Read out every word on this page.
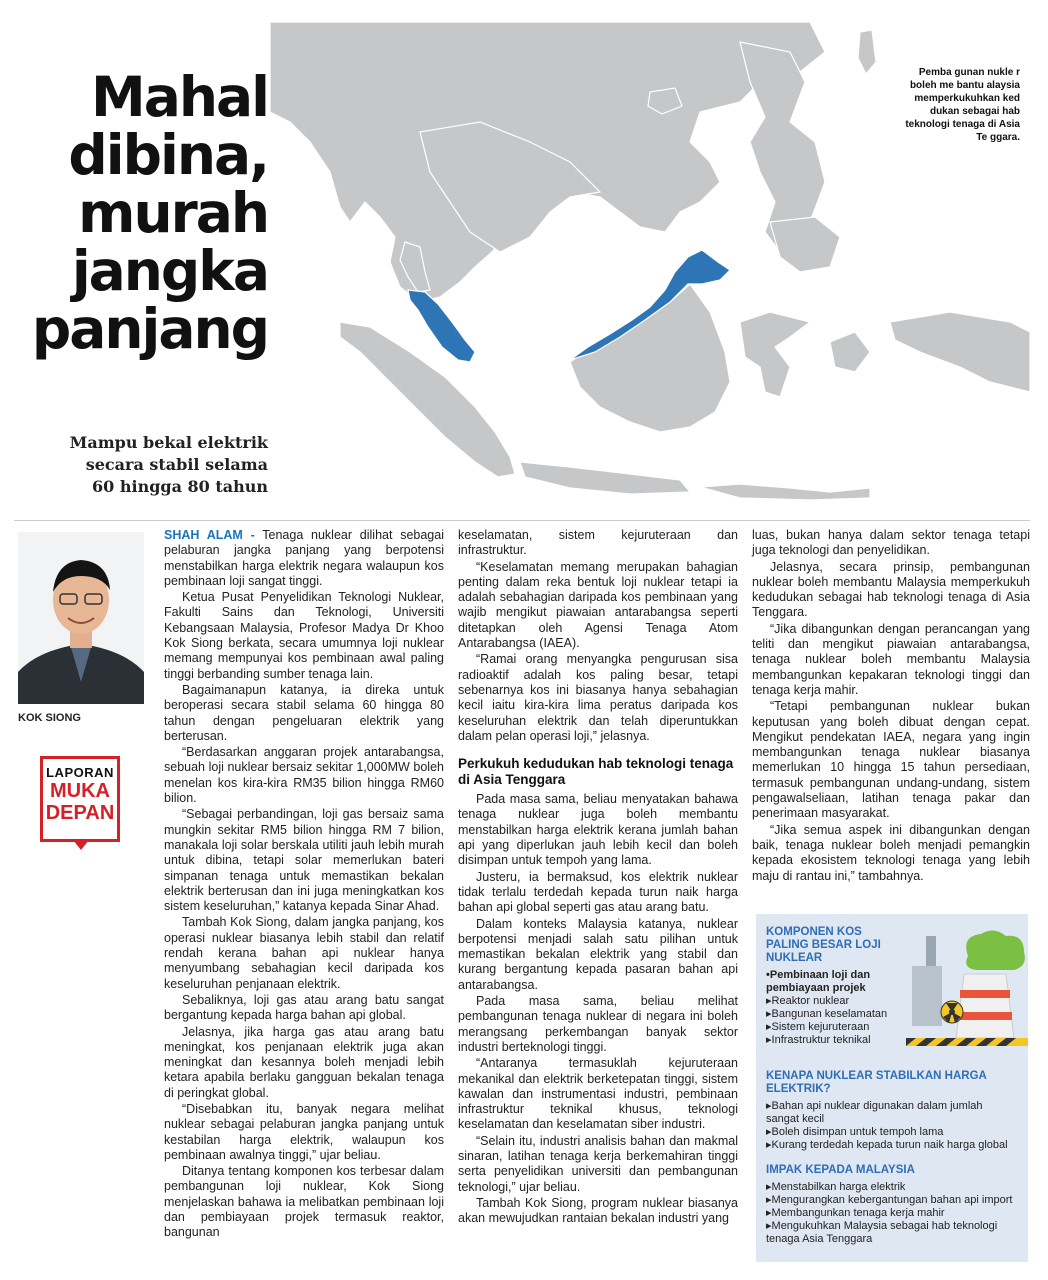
Mahal
dibina,
murah
jangka
panjang
Mampu bekal elektrik
secara stabil selama
60 hingga 80 tahun
Pemba gunan nukle r boleh me bantu alaysia memperkukuhkan ked dukan sebagai hab teknologi tenaga di Asia Te ggara.
KOK SIONG
LAPORAN
MUKA
DEPAN

SHAH ALAM - Tenaga nuklear dilihat sebagai pelaburan jangka panjang yang berpotensi menstabilkan harga elektrik negara walaupun kos pembinaan loji sangat tinggi.

Ketua Pusat Penyelidikan Teknologi Nuklear, Fakulti Sains dan Teknologi, Universiti Kebangsaan Malaysia, Profesor Madya Dr Khoo Kok Siong berkata, secara umumnya loji nuklear memang mempunyai kos pembinaan awal paling tinggi berbanding sumber tenaga lain.

Bagaimanapun katanya, ia direka untuk beroperasi secara stabil selama 60 hingga 80 tahun dengan pengeluaran elektrik yang berterusan.

“Berdasarkan anggaran projek antarabangsa, sebuah loji nuklear bersaiz sekitar 1,000MW boleh menelan kos kira-kira RM35 bilion hingga RM60 bilion.

“Sebagai perbandingan, loji gas bersaiz sama mungkin sekitar RM5 bilion hingga RM 7 bilion, manakala loji solar berskala utiliti jauh lebih murah untuk dibina, tetapi solar memerlukan bateri simpanan tenaga untuk memastikan bekalan elektrik berterusan dan ini juga meningkatkan kos sistem keseluruhan,” katanya kepada Sinar Ahad.

Tambah Kok Siong, dalam jangka panjang, kos operasi nuklear biasanya lebih stabil dan relatif rendah kerana bahan api nuklear hanya menyumbang sebahagian kecil daripada kos keseluruhan penjanaan elektrik.

Sebaliknya, loji gas atau arang batu sangat bergantung kepada harga bahan api global.

Jelasnya, jika harga gas atau arang batu meningkat, kos penjanaan elektrik juga akan meningkat dan kesannya boleh menjadi lebih ketara apabila berlaku gangguan bekalan tenaga di peringkat global.

“Disebabkan itu, banyak negara melihat nuklear sebagai pelaburan jangka panjang untuk kestabilan harga elektrik, walaupun kos pembinaan awalnya tinggi,” ujar beliau.

Ditanya tentang komponen kos terbesar dalam pembangunan loji nuklear, Kok Siong menjelaskan bahawa ia melibatkan pembinaan loji dan pembiayaan projek termasuk reaktor, bangunan

keselamatan, sistem kejuruteraan dan infrastruktur.

“Keselamatan memang merupakan bahagian penting dalam reka bentuk loji nuklear tetapi ia adalah sebahagian daripada kos pembinaan yang wajib mengikut piawaian antarabangsa seperti ditetapkan oleh Agensi Tenaga Atom Antarabangsa (IAEA).

“Ramai orang menyangka pengurusan sisa radioaktif adalah kos paling besar, tetapi sebenarnya kos ini biasanya hanya sebahagian kecil iaitu kira-kira lima peratus daripada kos keseluruhan elektrik dan telah diperuntukkan dalam pelan operasi loji,” jelasnya.

Perkukuh kedudukan hab teknologi tenaga di Asia Tenggara

Pada masa sama, beliau menyatakan bahawa tenaga nuklear juga boleh membantu menstabilkan harga elektrik kerana jumlah bahan api yang diperlukan jauh lebih kecil dan boleh disimpan untuk tempoh yang lama.

Justeru, ia bermaksud, kos elektrik nuklear tidak terlalu terdedah kepada turun naik harga bahan api global seperti gas atau arang batu.

Dalam konteks Malaysia katanya, nuklear berpotensi menjadi salah satu pilihan untuk memastikan bekalan elektrik yang stabil dan kurang bergantung kepada pasaran bahan api antarabangsa.

Pada masa sama, beliau melihat pembangunan tenaga nuklear di negara ini boleh merangsang perkembangan banyak sektor industri berteknologi tinggi.

“Antaranya termasuklah kejuruteraan mekanikal dan elektrik berketepatan tinggi, sistem kawalan dan instrumentasi industri, pembinaan infrastruktur teknikal khusus, teknologi keselamatan dan keselamatan siber industri.

“Selain itu, industri analisis bahan dan makmal sinaran, latihan tenaga kerja berkemahiran tinggi serta penyelidikan universiti dan pembangunan teknologi,” ujar beliau.

Tambah Kok Siong, program nuklear biasanya akan mewujudkan rantaian bekalan industri yang

luas, bukan hanya dalam sektor tenaga tetapi juga teknologi dan penyelidikan.

Jelasnya, secara prinsip, pembangunan nuklear boleh membantu Malaysia memperkukuh kedudukan sebagai hab teknologi tenaga di Asia Tenggara.

“Jika dibangunkan dengan perancangan yang teliti dan mengikut piawaian antarabangsa, tenaga nuklear boleh membantu Malaysia membangunkan kepakaran teknologi tinggi dan tenaga kerja mahir.

“Tetapi pembangunan nuklear bukan keputusan yang boleh dibuat dengan cepat. Mengikut pendekatan IAEA, negara yang ingin membangunkan tenaga nuklear biasanya memerlukan 10 hingga 15 tahun persediaan, termasuk pembangunan undang-undang, sistem pengawalseliaan, latihan tenaga pakar dan penerimaan masyarakat.

“Jika semua aspek ini dibangunkan dengan baik, tenaga nuklear boleh menjadi pemangkin kepada ekosistem teknologi tenaga yang lebih maju di rantau ini,” tambahnya.

KOMPONEN KOS PALING BESAR LOJI NUKLEAR
• Pembinaan loji dan pembiayaan projek
▸ Reaktor nuklear
▸ Bangunan keselamatan
▸ Sistem kejuruteraan
▸ Infrastruktur teknikal
KENAPA NUKLEAR STABILKAN HARGA ELEKTRIK?
▸ Bahan api nuklear digunakan dalam jumlah sangat kecil
▸ Boleh disimpan untuk tempoh lama
▸ Kurang terdedah kepada turun naik harga global
IMPAK KEPADA MALAYSIA
▸ Menstabilkan harga elektrik
▸ Mengurangkan kebergantungan bahan api import
▸ Membangunkan tenaga kerja mahir
▸ Mengukuhkan Malaysia sebagai hab teknologi tenaga Asia Tenggara
